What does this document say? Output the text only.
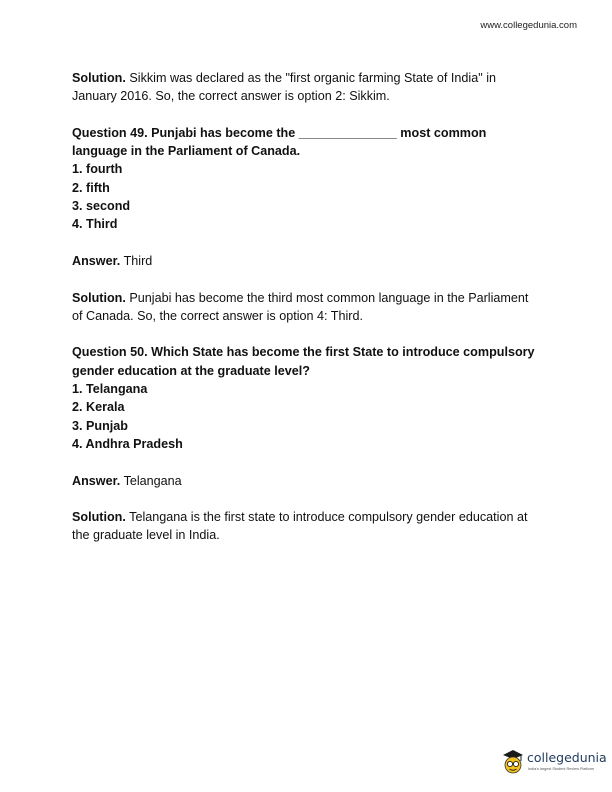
www.collegedunia.com

Solution. Sikkim was declared as the "first organic farming State of India" in January 2016. So, the correct answer is option 2: Sikkim.

Question 49. Punjabi has become the ______________ most common language in the Parliament of Canada.

1. fourth
2. fifth
3. second
4. Third

Answer. Third

Solution. Punjabi has become the third most common language in the Parliament of Canada. So, the correct answer is option 4: Third.

Question 50. Which State has become the first State to introduce compulsory gender education at the graduate level?

1. Telangana
2. Kerala
3. Punjab
4. Andhra Pradesh

Answer. Telangana

Solution. Telangana is the first state to introduce compulsory gender education at the graduate level in India.

collegedunia
India's largest Student Review Platform
